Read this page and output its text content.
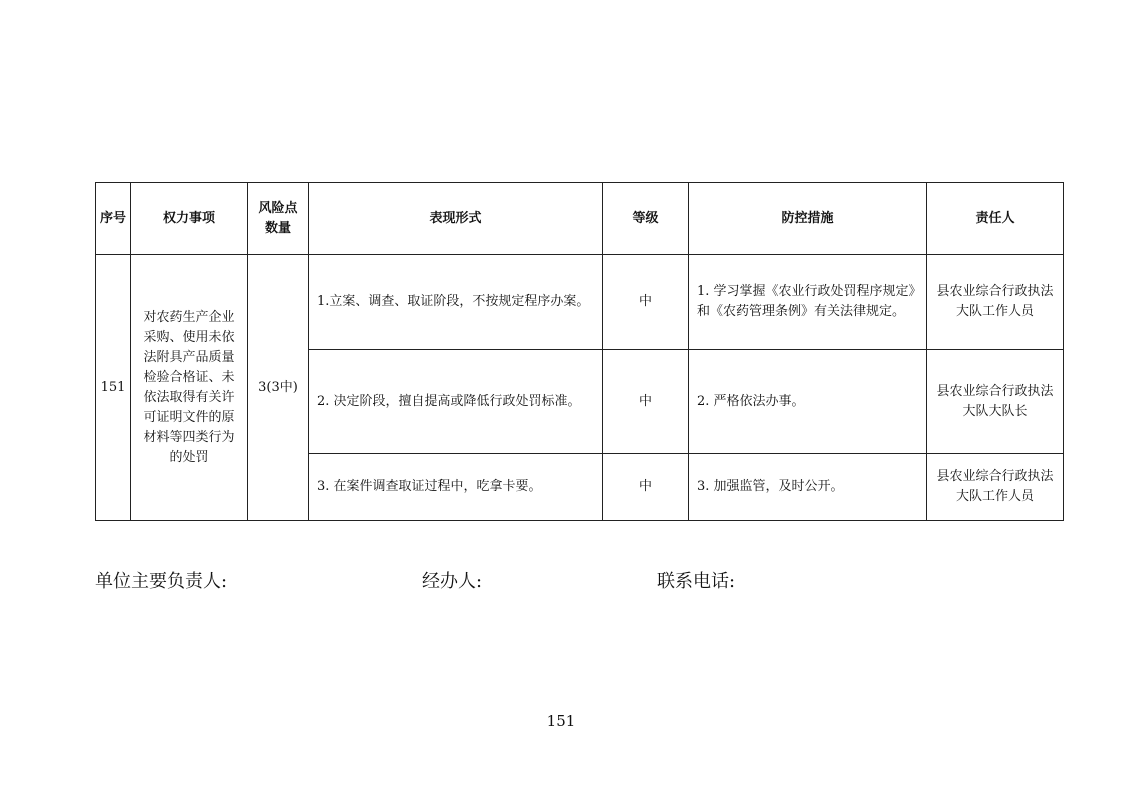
序号	权力事项	风险点数量	表现形式	等级	防控措施	责任人
151	对农药生产企业采购、使用未依法附具产品质量检验合格证、未依法取得有关许可证明文件的原材料等四类行为的处罚	3(3中)	1.立案、调查、取证阶段，不按规定程序办案。	中	1. 学习掌握《农业行政处罚程序规定》和《农药管理条例》有关法律规定。	县农业综合行政执法大队工作人员
			2. 决定阶段，擅自提高或降低行政处罚标准。	中	2. 严格依法办事。	县农业综合行政执法大队大队长
			3. 在案件调查取证过程中，吃拿卡要。	中	3. 加强监管，及时公开。	县农业综合行政执法大队工作人员
单位主要负责人:	经办人:	联系电话:
151
